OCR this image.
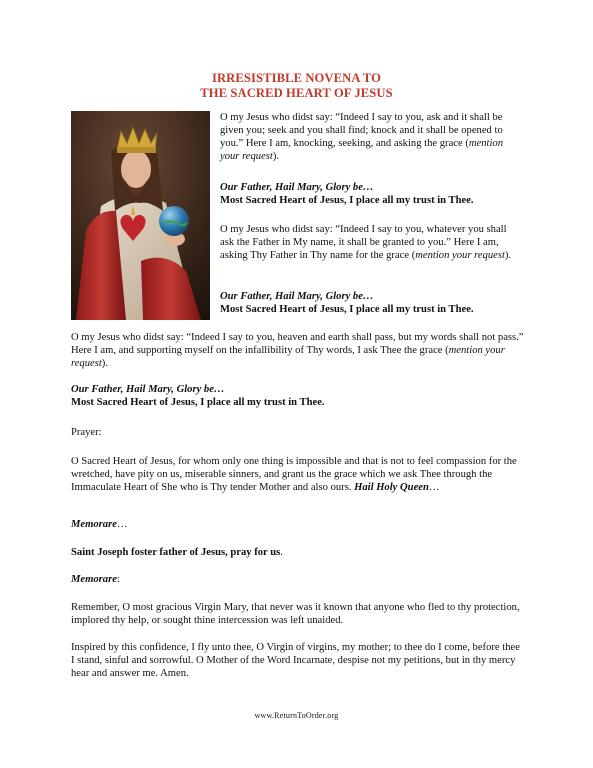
IRRESISTIBLE NOVENA TO
THE SACRED HEART OF JESUS

O my Jesus who didst say: “Indeed I say to you, ask and it shall be given you; seek and you shall find; knock and it shall be opened to you.” Here I am, knocking, seeking, and asking the grace (mention your request).

Our Father, Hail Mary, Glory be…
Most Sacred Heart of Jesus, I place all my trust in Thee.

O my Jesus who didst say: “Indeed I say to you, whatever you shall ask the Father in My name, it shall be granted to you.” Here I am, asking Thy Father in Thy name for the grace (mention your request).

Our Father, Hail Mary, Glory be…
Most Sacred Heart of Jesus, I place all my trust in Thee.

O my Jesus who didst say: “Indeed I say to you, heaven and earth shall pass, but my words shall not pass.” Here I am, and supporting myself on the infallibility of Thy words, I ask Thee the grace (mention your request).

Our Father, Hail Mary, Glory be…
Most Sacred Heart of Jesus, I place all my trust in Thee.

Prayer:

O Sacred Heart of Jesus, for whom only one thing is impossible and that is not to feel compassion for the wretched, have pity on us, miserable sinners, and grant us the grace which we ask Thee through the Immaculate Heart of She who is Thy tender Mother and also ours. Hail Holy Queen…

Memorare…

Saint Joseph foster father of Jesus, pray for us.

Memorare:

Remember, O most gracious Virgin Mary, that never was it known that anyone who fled to thy protection, implored thy help, or sought thine intercession was left unaided.

Inspired by this confidence, I fly unto thee, O Virgin of virgins, my mother; to thee do I come, before thee I stand, sinful and sorrowful. O Mother of the Word Incarnate, despise not my petitions, but in thy mercy hear and answer me. Amen.

www.ReturnToOrder.org
